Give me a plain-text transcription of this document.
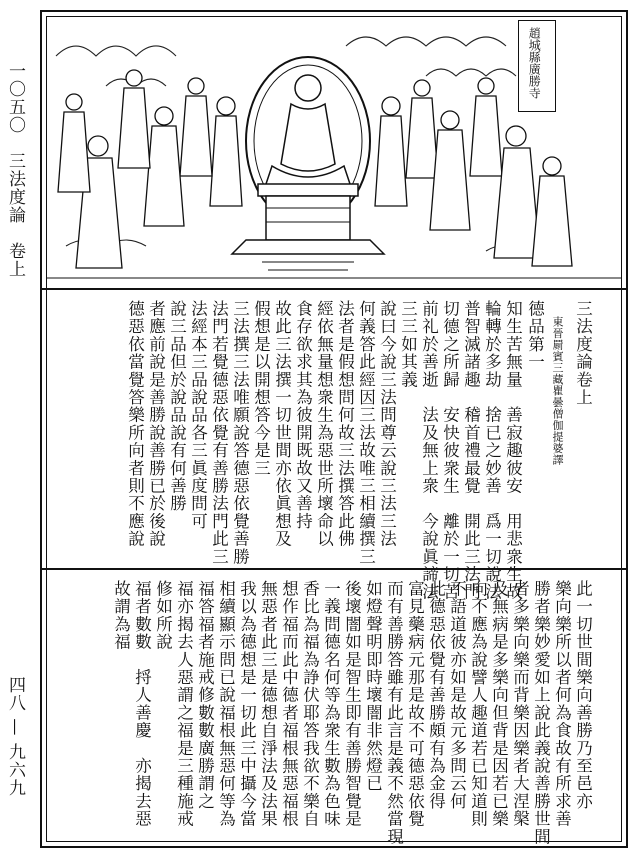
一〇五〇　三法度論　卷上
四八 — 九六九
趙城縣廣勝寺
三法度論卷上
東晉罽賓三藏瞿曇僧伽提婆譯
德品第一
知生苦無量　善寂趣彼安　用悲衆生故
輪轉於多劫　捨已之妙善　爲一切說法
普智滅諸趣　稽首禮最覺　開此三法門
切德之所歸　安快彼衆生　離於一切苦
前礼於善逝　法及無上衆　今說眞諦法
三三如其義
說曰今說三法問尊云說三法三法
何義答此經因三法故唯三相續撰三
法者是假想問何故三法撰答此佛
經依無量想衆生為惡世所壞命以
食存欲求其為彼開既故又善持
故此三法撰一切世間亦依眞想及
假想是以開想答今是三
三法撰三法唯願說答德惡依覺善勝
法門若覺德惡依覺有善勝法門此三
法經本三品說品各三眞度問可
說三品但於說品說有何善勝
者應前說是善勝說善勝已於後說
德惡依當覺答樂所向者則不應說
此一切世間樂向善勝乃至邑亦
樂向樂所以者何為食故有所求善
勝者樂妙愛如上說此義說善勝世間
者多樂向樂而背樂因樂者大涅槃
及無病是多樂向但背是因若已樂
向不應為說譬人趣道若已知道則
不語道彼亦如是故元多問云何
此德惡依覺有善勝頗有為金得
富見藥病元那是故不可德惡依覺
而有善勝答雖有此言是義不然當現
如燈聲明即時壞闇非然燈已
後壞闇如是智生即有善勝智覺是
一義問德名何等為衆生數為色味
香比為福為諍伏耶答我欲不樂自
想作福而此中德者福根無惡福根
無惡者此三是德想自淨法及法果
我以為德想是一切此三中攝今當
相續顯示問已說福根無惡何等為
福答福者施戒修數數廣勝謂之
福亦揭去人惡謂之福是三種施戒
修如所說
福者數數　捋人善慶　亦揭去惡
故謂為福
